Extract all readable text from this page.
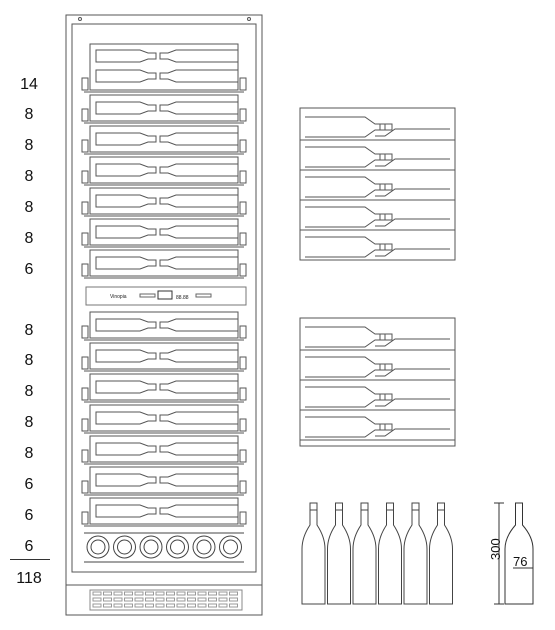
14
8
8
8
8
8
6
8
8
8
8
8
6
6
6
118
Vinopia	88.88
300
76
